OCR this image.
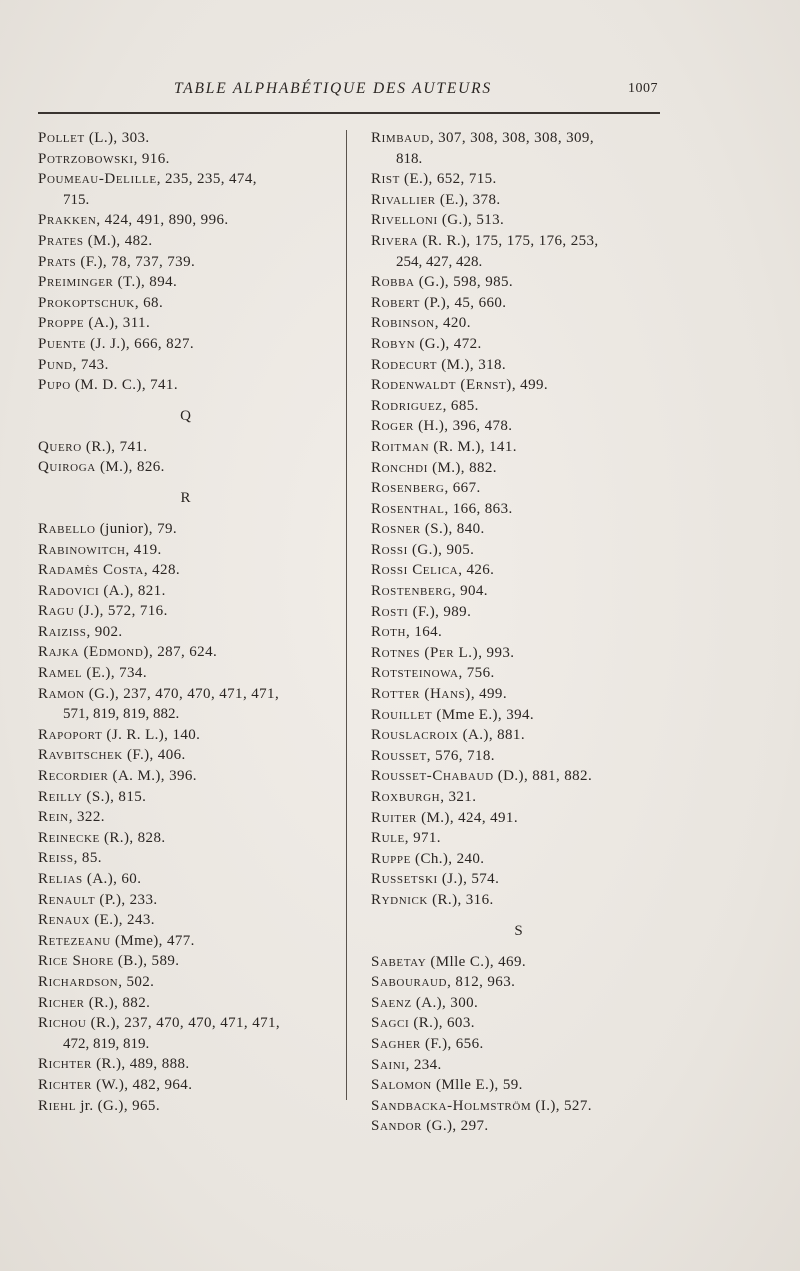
TABLE ALPHABÉTIQUE DES AUTEURS	1007
Pollet (L.), 303.
Potrzobowski, 916.
Poumeau-Delille, 235, 235, 474,
715.
Prakken, 424, 491, 890, 996.
Prates (M.), 482.
Prats (F.), 78, 737, 739.
Preiminger (T.), 894.
Prokoptschuk, 68.
Proppe (A.), 311.
Puente (J. J.), 666, 827.
Pund, 743.
Pupo (M. D. C.), 741.
Q
Quero (R.), 741.
Quiroga (M.), 826.
R
Rabello (junior), 79.
Rabinowitch, 419.
Radamès Costa, 428.
Radovici (A.), 821.
Ragu (J.), 572, 716.
Raiziss, 902.
Rajka (Edmond), 287, 624.
Ramel (E.), 734.
Ramon (G.), 237, 470, 470, 471, 471,
571, 819, 819, 882.
Rapoport (J. R. L.), 140.
Ravbitschek (F.), 406.
Recordier (A. M.), 396.
Reilly (S.), 815.
Rein, 322.
Reinecke (R.), 828.
Reiss, 85.
Relias (A.), 60.
Renault (P.), 233.
Renaux (E.), 243.
Retezeanu (Mme), 477.
Rice Shore (B.), 589.
Richardson, 502.
Richer (R.), 882.
Richou (R.), 237, 470, 470, 471, 471,
472, 819, 819.
Richter (R.), 489, 888.
Richter (W.), 482, 964.
Riehl jr. (G.), 965.
Rimbaud, 307, 308, 308, 308, 309,
818.
Rist (E.), 652, 715.
Rivallier (E.), 378.
Rivelloni (G.), 513.
Rivera (R. R.), 175, 175, 176, 253,
254, 427, 428.
Robba (G.), 598, 985.
Robert (P.), 45, 660.
Robinson, 420.
Robyn (G.), 472.
Rodecurt (M.), 318.
Rodenwaldt (Ernst), 499.
Rodriguez, 685.
Roger (H.), 396, 478.
Roitman (R. M.), 141.
Ronchdi (M.), 882.
Rosenberg, 667.
Rosenthal, 166, 863.
Rosner (S.), 840.
Rossi (G.), 905.
Rossi Celica, 426.
Rostenberg, 904.
Rosti (F.), 989.
Roth, 164.
Rotnes (Per L.), 993.
Rotsteinowa, 756.
Rotter (Hans), 499.
Rouillet (Mme E.), 394.
Rouslacroix (A.), 881.
Rousset, 576, 718.
Rousset-Chabaud (D.), 881, 882.
Roxburgh, 321.
Ruiter (M.), 424, 491.
Rule, 971.
Ruppe (Ch.), 240.
Russetski (J.), 574.
Rydnick (R.), 316.
S
Sabetay (Mlle C.), 469.
Sabouraud, 812, 963.
Saenz (A.), 300.
Sagci (R.), 603.
Sagher (F.), 656.
Saini, 234.
Salomon (Mlle E.), 59.
Sandbacka-Holmström (I.), 527.
Sandor (G.), 297.
